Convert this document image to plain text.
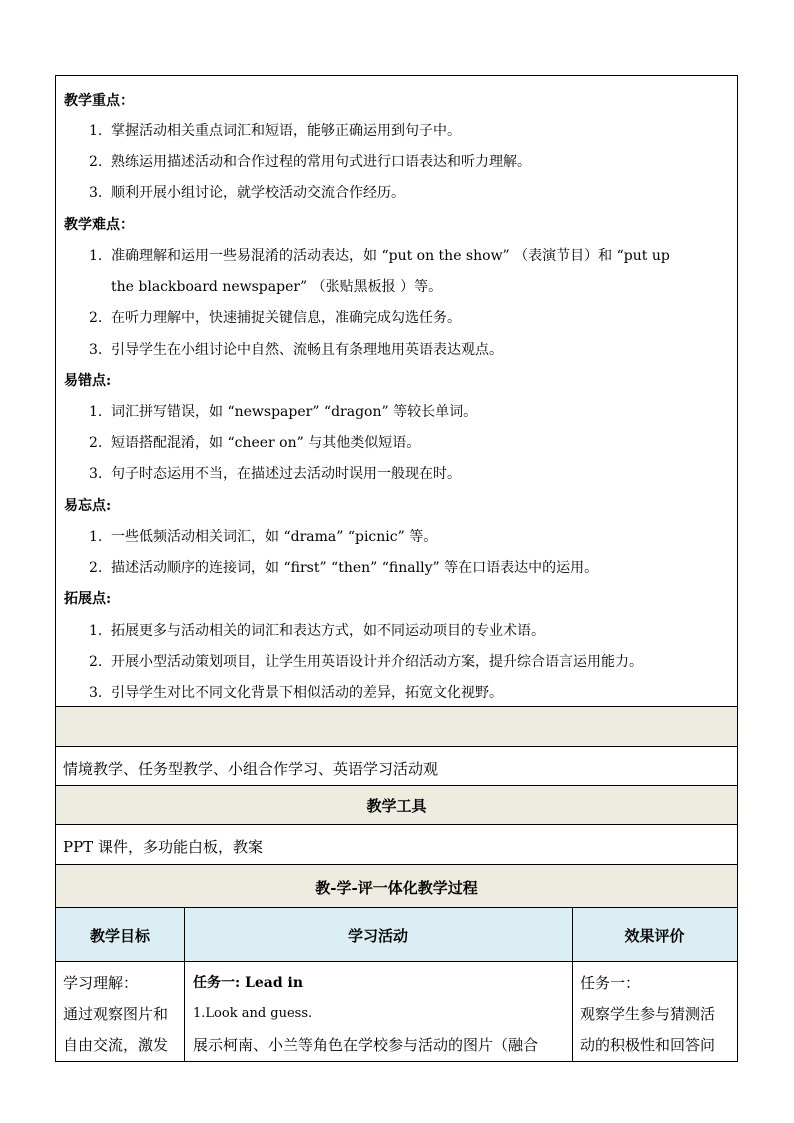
教学重点：
1. 掌握活动相关重点词汇和短语，能够正确运用到句子中。
2. 熟练运用描述活动和合作过程的常用句式进行口语表达和听力理解。
3. 顺利开展小组讨论，就学校活动交流合作经历。
教学难点：
1. 准确理解和运用一些易混淆的活动表达，如 “put on the show” （表演节目）和 “put up
the blackboard newspaper” （张贴黑板报 ）等。
2. 在听力理解中，快速捕捉关键信息，准确完成勾选任务。
3. 引导学生在小组讨论中自然、流畅且有条理地用英语表达观点。
易错点:
1. 词汇拼写错误，如 “newspaper” “dragon” 等较长单词。
2. 短语搭配混淆，如 “cheer on” 与其他类似短语。
3. 句子时态运用不当，在描述过去活动时误用一般现在时。
易忘点:
1. 一些低频活动相关词汇，如 “drama” “picnic” 等。
2. 描述活动顺序的连接词，如 “first” “then” “finally” 等在口语表达中的运用。
拓展点:
1. 拓展更多与活动相关的词汇和表达方式，如不同运动项目的专业术语。
2. 开展小型活动策划项目，让学生用英语设计并介绍活动方案，提升综合语言运用能力。
3. 引导学生对比不同文化背景下相似活动的差异，拓宽文化视野。
情境教学、任务型教学、小组合作学习、英语学习活动观
教学工具
PPT 课件，多功能白板，教案
教-学-评一体化教学过程
教学目标	学习活动	效果评价
学习理解：
通过观察图片和
自由交流，激发
任务一: Lead in
1.Look and guess.
展示柯南、小兰等角色在学校参与活动的图片（融合
任务一：
观察学生参与猜测活
动的积极性和回答问
